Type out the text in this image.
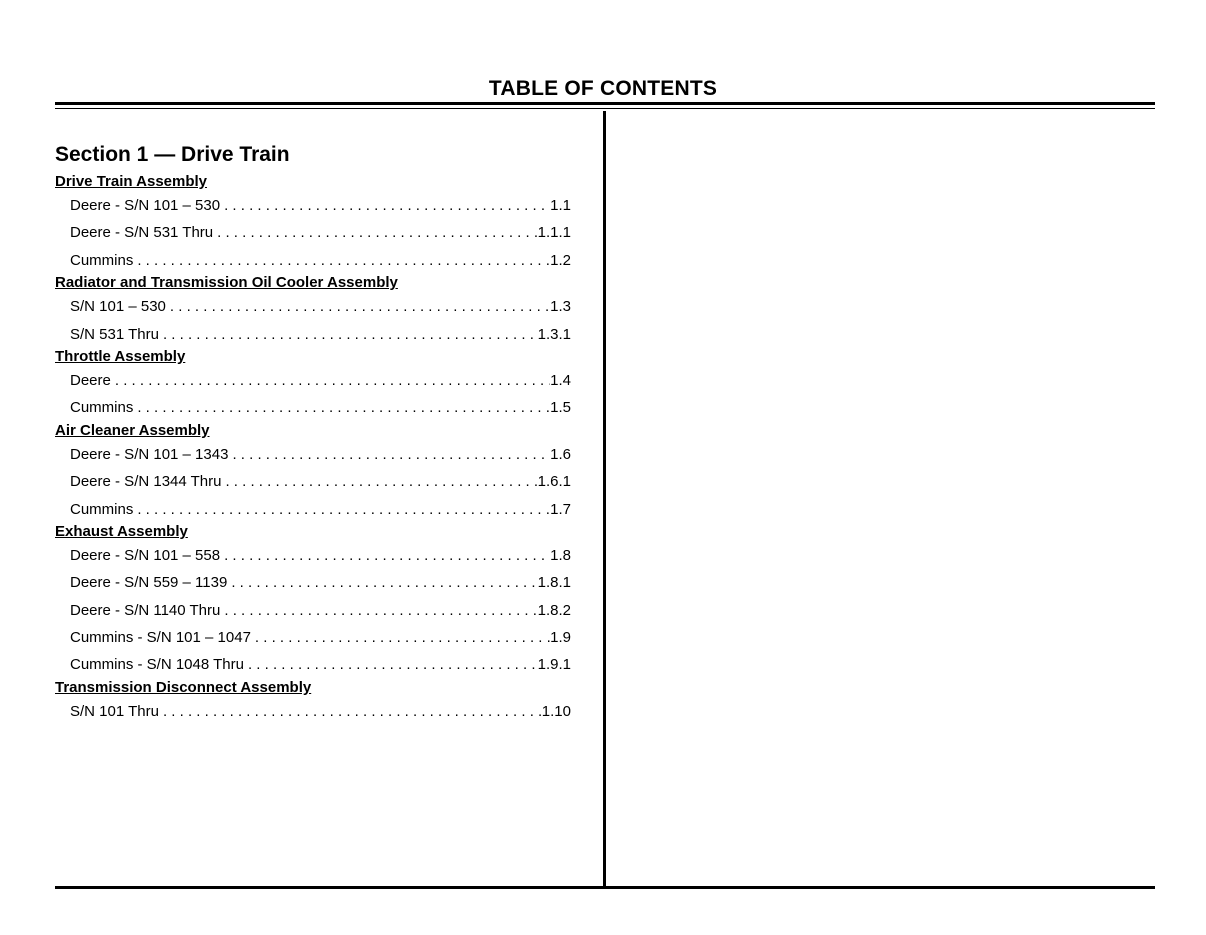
TABLE OF CONTENTS
Section 1 — Drive Train
Drive Train Assembly
Deere - S/N 101 – 530 . . .	1.1
Deere - S/N 531 Thru . . .	1.1.1
Cummins . . .	1.2
Radiator and Transmission Oil Cooler Assembly
S/N 101 – 530 . . .	1.3
S/N 531 Thru . . .	1.3.1
Throttle Assembly
Deere . . .	1.4
Cummins . . .	1.5
Air Cleaner Assembly
Deere - S/N 101 – 1343 . . .	1.6
Deere - S/N 1344 Thru . . .	1.6.1
Cummins . . .	1.7
Exhaust Assembly
Deere - S/N 101 – 558 . . .	1.8
Deere - S/N 559 – 1139 . . .	1.8.1
Deere - S/N 1140 Thru . . .	1.8.2
Cummins - S/N 101 – 1047 . . .	1.9
Cummins - S/N 1048 Thru . . .	1.9.1
Transmission Disconnect Assembly
S/N 101 Thru . . .	1.10
